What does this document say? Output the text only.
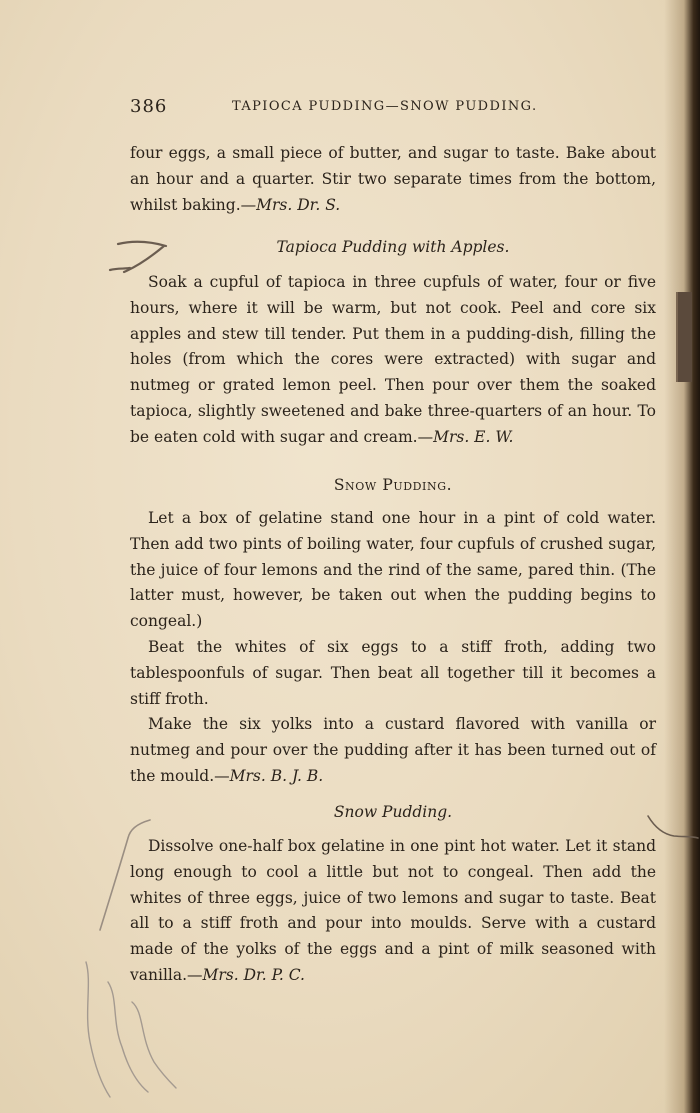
386	TAPIOCA PUDDING—SNOW PUDDING.

four eggs, a small piece of butter, and sugar to taste. Bake about an hour and a quarter. Stir two separate times from the bottom, whilst baking.—Mrs. Dr. S.

Tapioca Pudding with Apples.

Soak a cupful of tapioca in three cupfuls of water, four or five hours, where it will be warm, but not cook. Peel and core six apples and stew till tender. Put them in a pudding-dish, filling the holes (from which the cores were extracted) with sugar and nutmeg or grated lemon peel. Then pour over them the soaked tapioca, slightly sweetened and bake three-quarters of an hour. To be eaten cold with sugar and cream.—Mrs. E. W.

Snow Pudding.

Let a box of gelatine stand one hour in a pint of cold water. Then add two pints of boiling water, four cupfuls of crushed sugar, the juice of four lemons and the rind of the same, pared thin. (The latter must, however, be taken out when the pudding begins to congeal.)

Beat the whites of six eggs to a stiff froth, adding two tablespoonfuls of sugar. Then beat all together till it becomes a stiff froth.

Make the six yolks into a custard flavored with vanilla or nutmeg and pour over the pudding after it has been turned out of the mould.—Mrs. B. J. B.

Snow Pudding.

Dissolve one-half box gelatine in one pint hot water. Let it stand long enough to cool a little but not to congeal. Then add the whites of three eggs, juice of two lemons and sugar to taste. Beat all to a stiff froth and pour into moulds. Serve with a custard made of the yolks of the eggs and a pint of milk seasoned with vanilla.—Mrs. Dr. P. C.
